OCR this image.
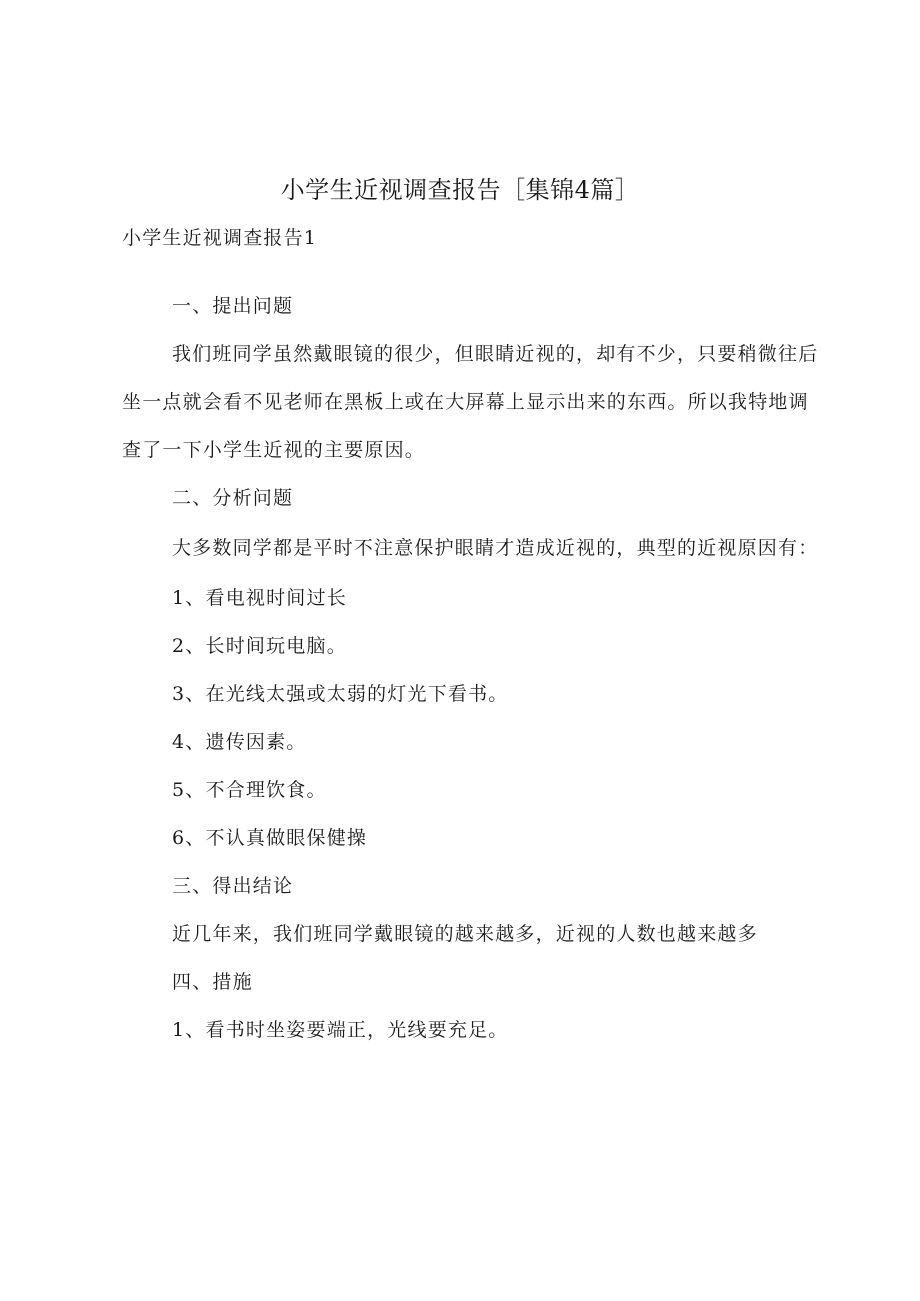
小学生近视调查报告［集锦4篇］

小学生近视调查报告1

一、提出问题

我们班同学虽然戴眼镜的很少，但眼睛近视的，却有不少，只要稍微往后坐一点就会看不见老师在黑板上或在大屏幕上显示出来的东西。所以我特地调查了一下小学生近视的主要原因。

二、分析问题

大多数同学都是平时不注意保护眼睛才造成近视的，典型的近视原因有：

1、看电视时间过长

2、长时间玩电脑。

3、在光线太强或太弱的灯光下看书。

4、遗传因素。

5、不合理饮食。

6、不认真做眼保健操

三、得出结论

近几年来，我们班同学戴眼镜的越来越多，近视的人数也越来越多

四、措施

1、看书时坐姿要端正，光线要充足。
